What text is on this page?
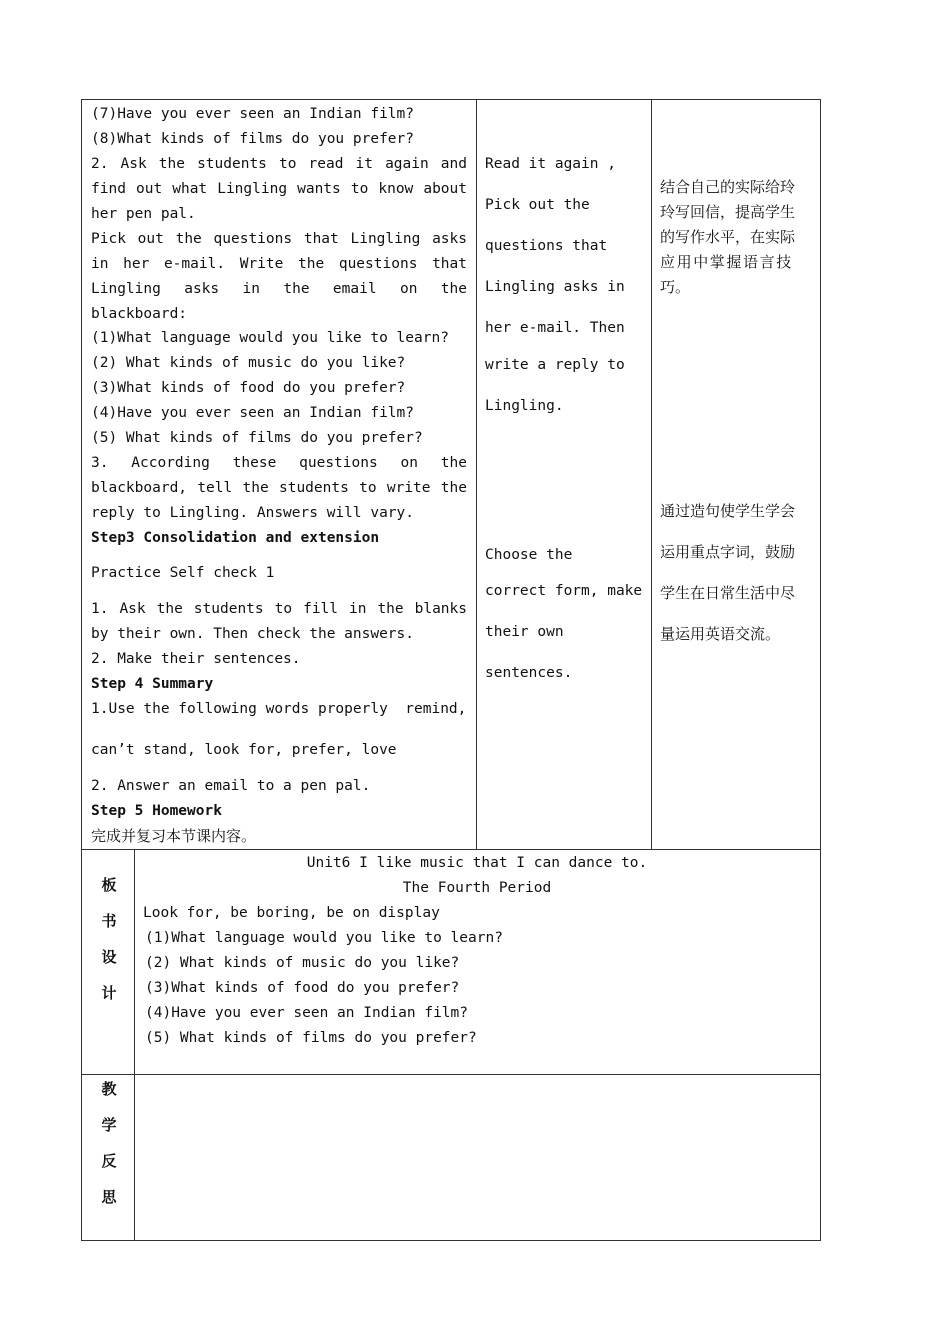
(7)Have you ever seen an Indian film?
(8)What kinds of films do you prefer?
2. Ask the students to read it again and find out what Lingling wants to know about her pen pal.
Pick out the questions that Lingling asks in her e-mail. Write the questions that Lingling asks in the email on the blackboard:
(1)What language would you like to learn?
(2) What kinds of music do you like?
(3)What kinds of food do you prefer?
(4)Have you ever seen an Indian film?
(5) What kinds of films do you prefer?
3. According these questions on the blackboard, tell the students to write the reply to Lingling. Answers will vary.
Step3 Consolidation and extension
Practice Self check 1
1. Ask the students to fill in the blanks by their own. Then check the answers.
2. Make their sentences.
Step 4 Summary
1.Use the following words properly  remind,
can’t stand, look for, prefer, love
2. Answer an email to a pen pal.
Step 5 Homework
完成并复习本节课内容。
Read it again ,
Pick out the
questions that
Lingling asks in
her e-mail. Then
write a reply to
Lingling.
Choose the
correct form, make
their own
sentences.
结合自己的实际给玲
玲写回信，提高学生
的写作水平，在实际
应用中掌握语言技
巧。
通过造句使学生学会
运用重点字词，鼓励
学生在日常生活中尽
量运用英语交流。
板
书
设
计
Unit6 I like music that I can dance to.
The Fourth Period
Look for, be boring, be on display
(1)What language would you like to learn?
(2) What kinds of music do you like?
(3)What kinds of food do you prefer?
(4)Have you ever seen an Indian film?
(5) What kinds of films do you prefer?
教
学
反
思
